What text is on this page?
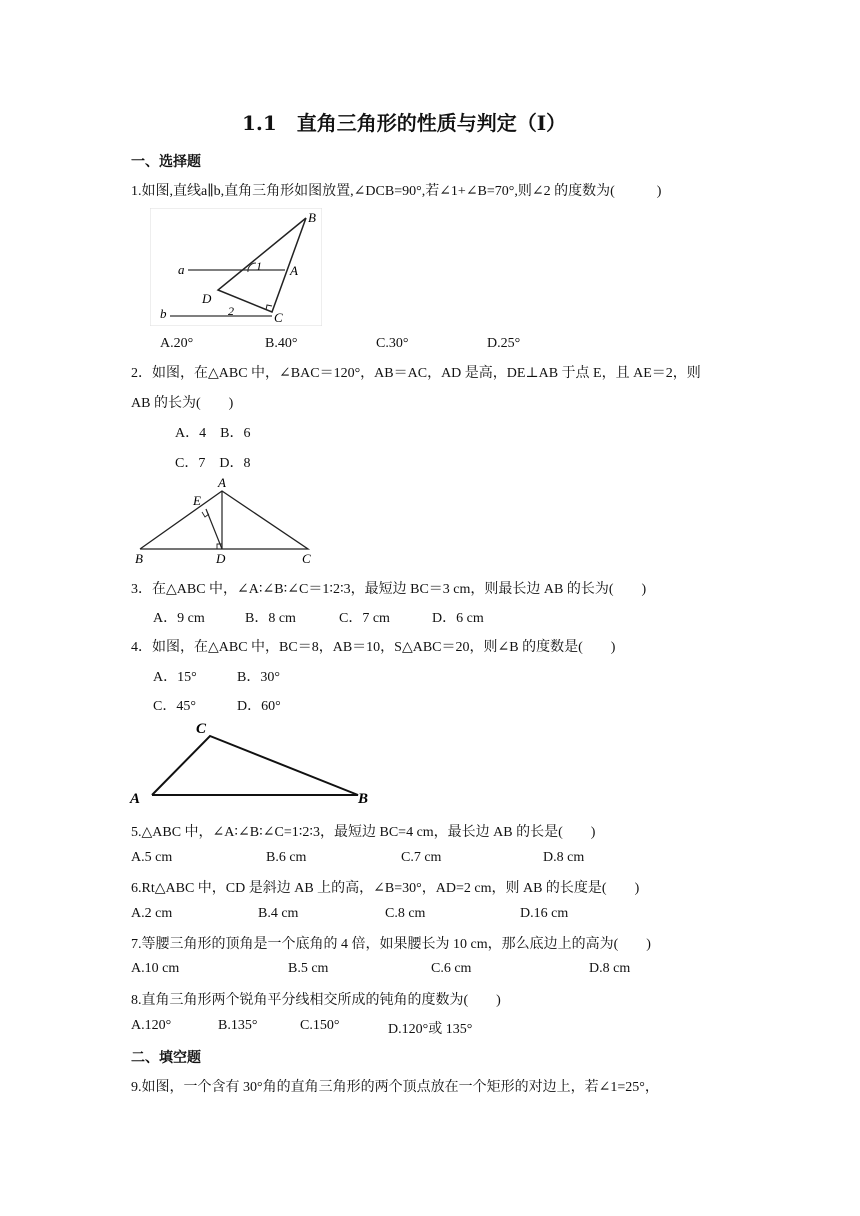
1.1　直角三角形的性质与判定（Ⅰ）
一、选择题
1.如图,直线a∥b,直角三角形如图放置,∠DCB=90°,若∠1+∠B=70°,则∠2 的度数为(　　　)
B
a	1 A
D
b	2	C
A.20°	B.40°	C.30°	D.25°
2．如图，在△ABC 中，∠BAC＝120°，AB＝AC，AD 是高，DE⊥AB 于点 E，且 AE＝2，则
AB 的长为(　　)
A．4　B．6
C．7　D．8
A
E
B	D	C
3．在△ABC 中，∠A∶∠B∶∠C＝1∶2∶3，最短边 BC＝3 cm，则最长边 AB 的长为(　　)
A．9 cm	B．8 cm	C．7 cm	D．6 cm
4．如图，在△ABC 中，BC＝8，AB＝10，S△ABC＝20，则∠B 的度数是(　　)
A．15°	B．30°
C．45°	D．60°
C
A	B
5.△ABC 中，∠A∶∠B∶∠C=1∶2∶3，最短边 BC=4 cm，最长边 AB 的长是(　　)
A.5 cm	B.6 cm	C.7 cm	D.8 cm
6.Rt△ABC 中，CD 是斜边 AB 上的高，∠B=30°，AD=2 cm，则 AB 的长度是(　　)
A.2 cm	B.4 cm	C.8 cm	D.16 cm
7.等腰三角形的顶角是一个底角的 4 倍，如果腰长为 10 cm，那么底边上的高为(　　)
A.10 cm	B.5 cm	C.6 cm	D.8 cm
8.直角三角形两个锐角平分线相交所成的钝角的度数为(　　)
A.120°	B.135°	C.150°	D.120°或 135°
二、填空题
9.如图，一个含有 30°角的直角三角形的两个顶点放在一个矩形的对边上，若∠1=25°，
